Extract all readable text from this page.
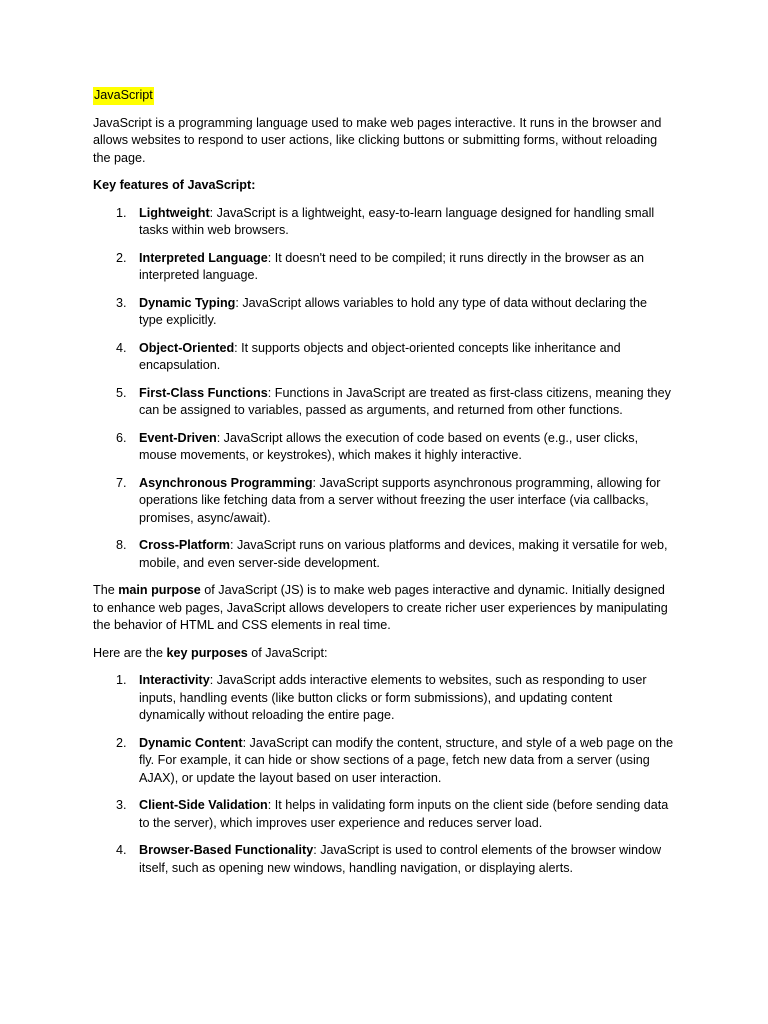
JavaScript

JavaScript is a programming language used to make web pages interactive. It runs in the browser and allows websites to respond to user actions, like clicking buttons or submitting forms, without reloading the page.

Key features of JavaScript:

1. Lightweight: JavaScript is a lightweight, easy-to-learn language designed for handling small tasks within web browsers.
2. Interpreted Language: It doesn't need to be compiled; it runs directly in the browser as an interpreted language.
3. Dynamic Typing: JavaScript allows variables to hold any type of data without declaring the type explicitly.
4. Object-Oriented: It supports objects and object-oriented concepts like inheritance and encapsulation.
5. First-Class Functions: Functions in JavaScript are treated as first-class citizens, meaning they can be assigned to variables, passed as arguments, and returned from other functions.
6. Event-Driven: JavaScript allows the execution of code based on events (e.g., user clicks, mouse movements, or keystrokes), which makes it highly interactive.
7. Asynchronous Programming: JavaScript supports asynchronous programming, allowing for operations like fetching data from a server without freezing the user interface (via callbacks, promises, async/await).
8. Cross-Platform: JavaScript runs on various platforms and devices, making it versatile for web, mobile, and even server-side development.

The main purpose of JavaScript (JS) is to make web pages interactive and dynamic. Initially designed to enhance web pages, JavaScript allows developers to create richer user experiences by manipulating the behavior of HTML and CSS elements in real time.

Here are the key purposes of JavaScript:

1. Interactivity: JavaScript adds interactive elements to websites, such as responding to user inputs, handling events (like button clicks or form submissions), and updating content dynamically without reloading the entire page.
2. Dynamic Content: JavaScript can modify the content, structure, and style of a web page on the fly. For example, it can hide or show sections of a page, fetch new data from a server (using AJAX), or update the layout based on user interaction.
3. Client-Side Validation: It helps in validating form inputs on the client side (before sending data to the server), which improves user experience and reduces server load.
4. Browser-Based Functionality: JavaScript is used to control elements of the browser window itself, such as opening new windows, handling navigation, or displaying alerts.
